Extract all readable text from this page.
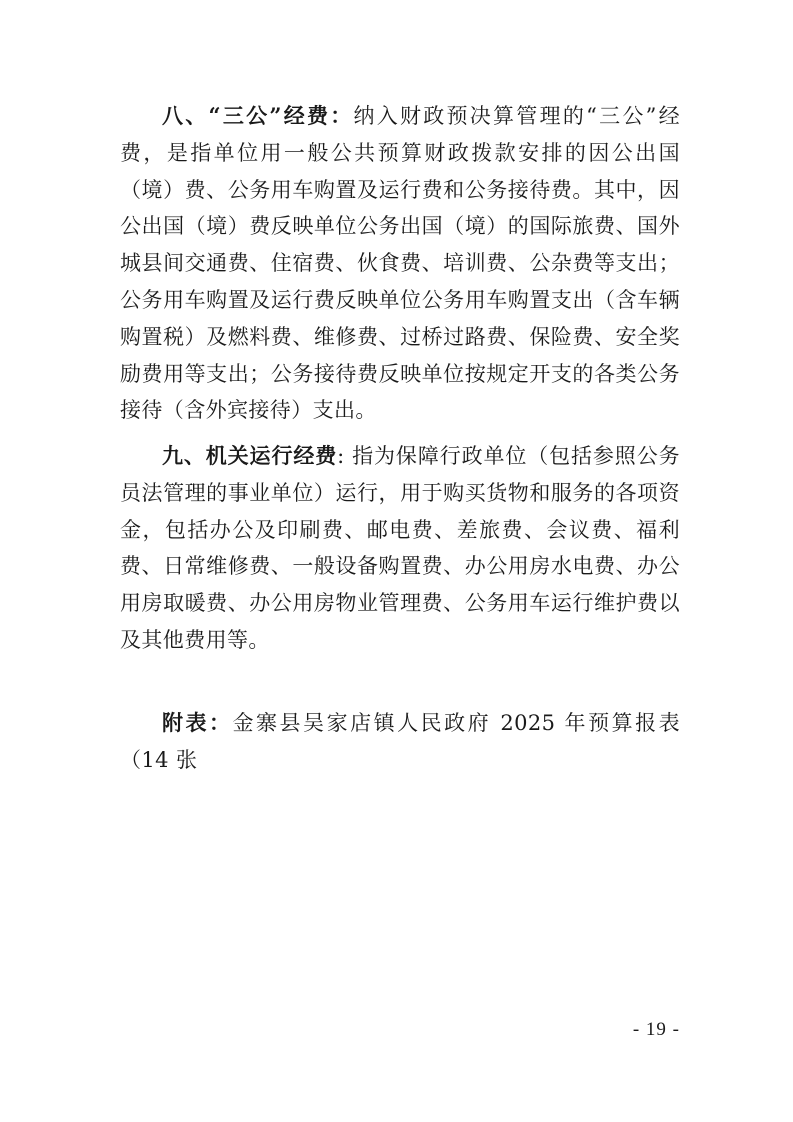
八、“三公”经费：纳入财政预决算管理的“三公”经费，是指单位用一般公共预算财政拨款安排的因公出国（境）费、公务用车购置及运行费和公务接待费。其中，因公出国（境）费反映单位公务出国（境）的国际旅费、国外城县间交通费、住宿费、伙食费、培训费、公杂费等支出；公务用车购置及运行费反映单位公务用车购置支出（含车辆购置税）及燃料费、维修费、过桥过路费、保险费、安全奖励费用等支出；公务接待费反映单位按规定开支的各类公务接待（含外宾接待）支出。
九、机关运行经费: 指为保障行政单位（包括参照公务员法管理的事业单位）运行，用于购买货物和服务的各项资金，包括办公及印刷费、邮电费、差旅费、会议费、福利费、日常维修费、一般设备购置费、办公用房水电费、办公用房取暖费、办公用房物业管理费、公务用车运行维护费以及其他费用等。
附表：金寨县吴家店镇人民政府 2025 年预算报表（14 张
- 19 -
